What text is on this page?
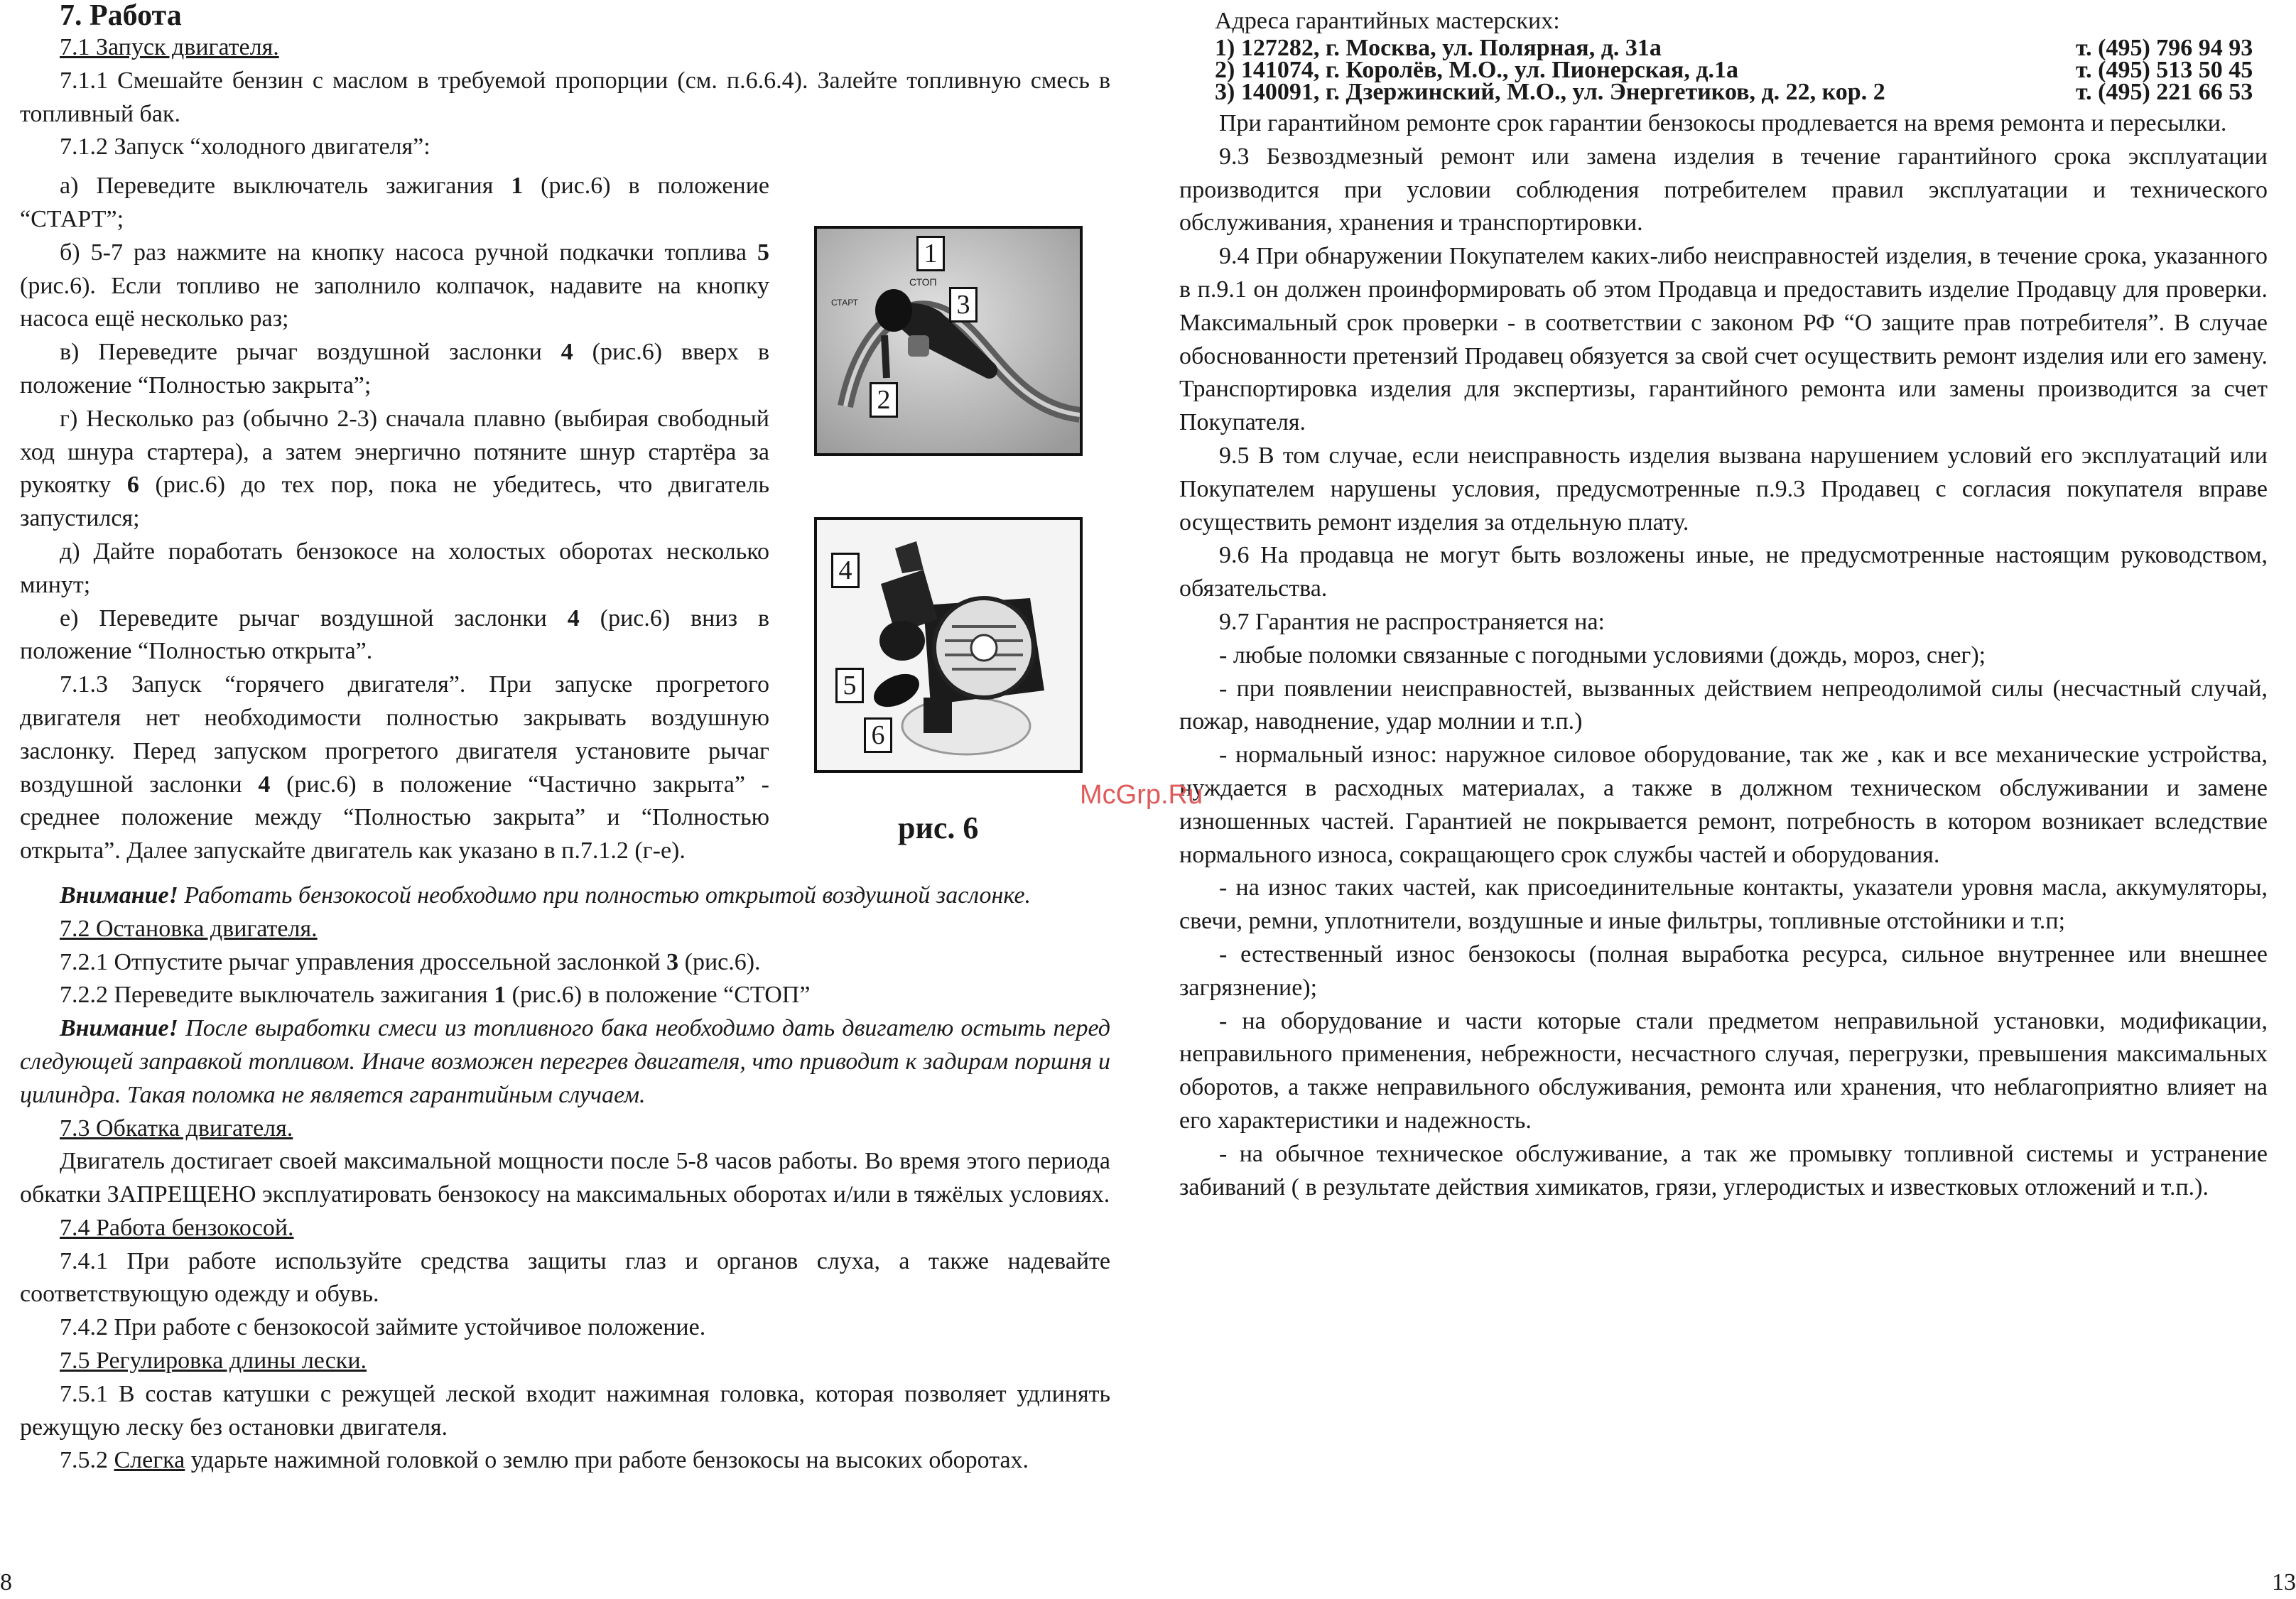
7. Работа

7.1 Запуск двигателя.

7.1.1 Смешайте бензин с маслом в требуемой пропорции (см. п.6.6.4). Залейте топливную смесь в топливный бак.

7.1.2 Запуск “холодного двигателя”:

а) Переведите выключатель зажигания 1 (рис.6) в положение “СТАРТ”;

б) 5-7 раз нажмите на кнопку насоса ручной подкачки топлива 5 (рис.6). Если топливо не заполнило колпачок, надавите на кнопку насоса ещё несколько раз;

в) Переведите рычаг воздушной заслонки 4 (рис.6) вверх в положение “Полностью закрыта”;

г) Несколько раз (обычно 2-3) сначала плавно (выбирая свободный ход шнура стартера), а затем энергично потяните шнур стартёра за рукоятку 6 (рис.6) до тех пор, пока не убедитесь, что двигатель запустился;

д) Дайте поработать бензокосе на холостых оборотах несколько минут;

е) Переведите рычаг воздушной заслонки 4 (рис.6) вниз в положение “Полностью открыта”.

7.1.3 Запуск “горячего двигателя”. При запуске прогретого двигателя нет необходимости полностью закрывать воздушную заслонку. Перед запуском прогретого двигателя установите рычаг воздушной заслонки 4 (рис.6) в положение “Частично закрыта” - среднее положение между “Полностью закрыта” и “Полностью открыта”. Далее запускайте двигатель как указано в п.7.1.2 (г-е).

Внимание! Работать бензокосой необходимо при полностью открытой воздушной заслонке.

7.2 Остановка двигателя.

7.2.1 Отпустите рычаг управления дроссельной заслонкой 3 (рис.6).

7.2.2 Переведите выключатель зажигания 1 (рис.6) в положение “СТОП”

Внимание! После выработки смеси из топливного бака необходимо дать двигателю остыть перед следующей заправкой топливом. Иначе возможен перегрев двигателя, что приводит к задирам поршня и цилиндра. Такая поломка не является гарантийным случаем.

7.3 Обкатка двигателя.

Двигатель достигает своей максимальной мощности после 5-8 часов работы. Во время этого периода обкатки ЗАПРЕЩЕНО эксплуатировать бензокосу на максимальных оборотах и/или в тяжёлых условиях.

7.4 Работа бензокосой.

7.4.1 При работе используйте средства защиты глаз и органов слуха, а также надевайте соответствующую одежду и обувь.

7.4.2 При работе с бензокосой займите устойчивое положение.

7.5 Регулировка длины лески.

7.5.1 В состав катушки с режущей леской входит нажимная головка, которая позволяет удлинять режущую леску без остановки двигателя.

7.5.2 Слегка ударьте нажимной головкой о землю при работе бензокосы на высоких оборотах.

СТОП
СТАРТ
1
3
2
4
5
6
рис. 6
8

Адреса гарантийных мастерских:

1) 127282, г. Москва, ул. Полярная, д. 31а	т. (495) 796 94 93
2) 141074, г. Королёв, М.О., ул. Пионерская, д.1а	т. (495) 513 50 45
3) 140091, г. Дзержинский, М.О., ул. Энергетиков, д. 22, кор. 2	т. (495) 221 66 53

При гарантийном ремонте срок гарантии бензокосы продлевается на время ремонта и пересылки.

9.3 Безвоздмезный ремонт или замена изделия в течение гарантийного срока эксплуатации производится при условии соблюдения потребителем правил эксплуатации и технического обслуживания, хранения и транспортировки.

9.4 При обнаружении Покупателем каких-либо неисправностей изделия, в течение срока, указанного в п.9.1 он должен проинформировать об этом Продавца и предоставить изделие Продавцу для проверки. Максимальный срок проверки - в соответствии с законом РФ “О защите прав потребителя”. В случае обоснованности претензий Продавец обязуется за свой счет осуществить ремонт изделия или его замену. Транспортировка изделия для экспертизы, гарантийного ремонта или замены производится за счет Покупателя.

9.5 В том случае, если неисправность изделия вызвана нарушением условий его эксплуатаций или Покупателем нарушены условия, предусмотренные п.9.3 Продавец с согласия покупателя вправе осуществить ремонт изделия за отдельную плату.

9.6 На продавца не могут быть возложены иные, не предусмотренные настоящим руководством, обязательства.

9.7 Гарантия не распространяется на:

- любые поломки связанные с погодными условиями (дождь, мороз, снег);

- при появлении неисправностей, вызванных действием непреодолимой силы (несчастный случай, пожар, наводнение, удар молнии и т.п.)

- нормальный износ: наружное силовое оборудование, так же , как и все механические устройства, нуждается в расходных материалах, а также в должном техническом обслуживании и замене изношенных частей. Гарантией не покрывается ремонт, потребность в котором возникает вследствие нормального износа, сокращающего срок службы частей и оборудования.

- на износ таких частей, как присоединительные контакты, указатели уровня масла, аккумуляторы, свечи, ремни, уплотнители, воздушные и иные фильтры, топливные отстойники и т.п;

- естественный износ бензокосы (полная выработка ресурса, сильное внутреннее или внешнее загрязнение);

- на оборудование и части которые стали предметом неправильной установки, модификации, неправильного применения, небрежности, несчастного случая, перегрузки, превышения максимальных оборотов, а также неправильного обслуживания, ремонта или хранения, что неблагоприятно влияет на его характеристики и надежность.

- на обычное техническое обслуживание, а так же промывку топливной системы и устранение забиваний ( в результате действия химикатов, грязи, углеродистых и известковых отложений и т.п.).

13
McGrp.Ru
